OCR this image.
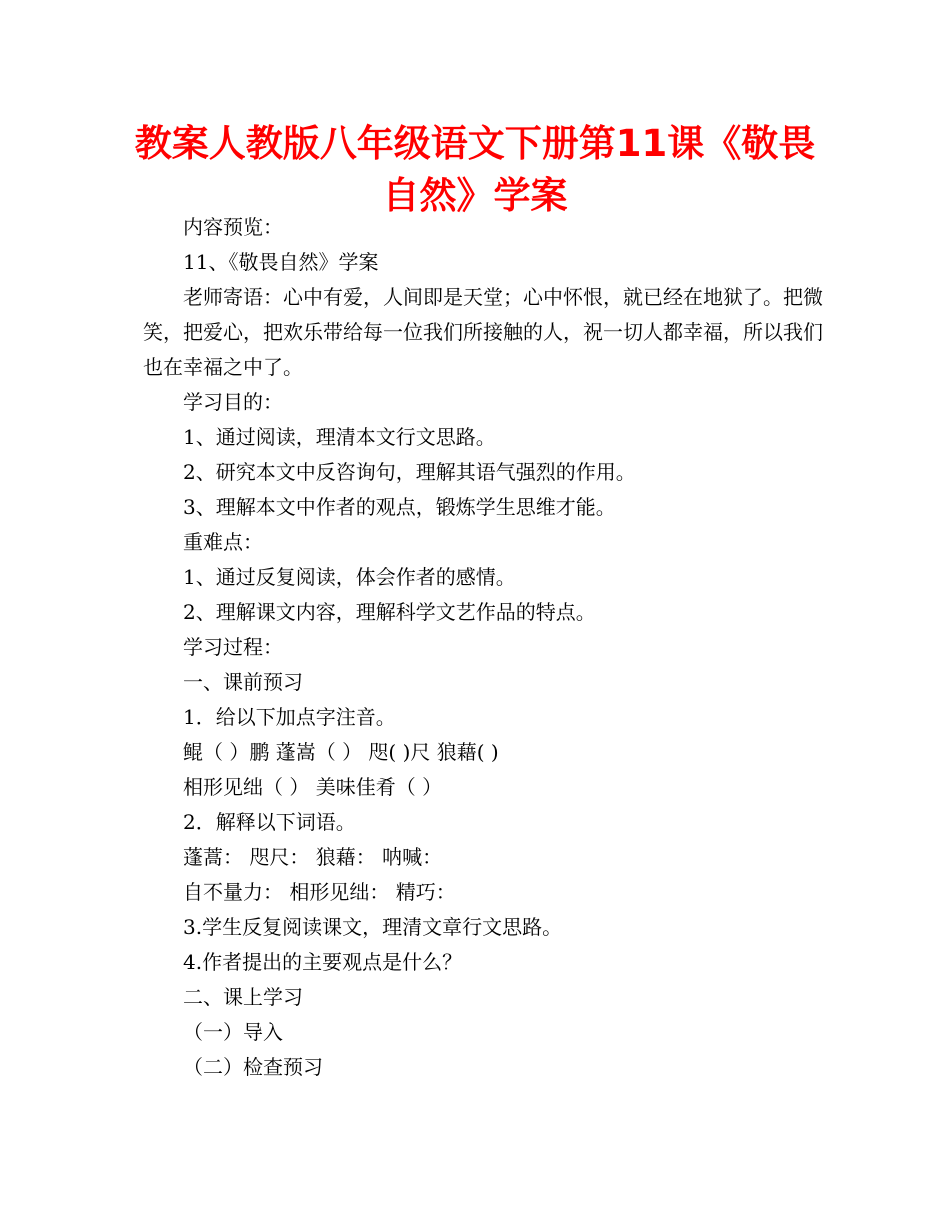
教案人教版八年级语文下册第11课《敬畏自然》学案
内容预览：
11、《敬畏自然》学案
老师寄语：心中有爱，人间即是天堂；心中怀恨，就已经在地狱了。把微笑，把爱心，把欢乐带给每一位我们所接触的人，祝一切人都幸福，所以我们也在幸福之中了。
学习目的：
1、通过阅读，理清本文行文思路。
2、研究本文中反咨询句，理解其语气强烈的作用。
3、理解本文中作者的观点，锻炼学生思维才能。
重难点：
1、通过反复阅读，体会作者的感情。
2、理解课文内容，理解科学文艺作品的特点。
学习过程：
一、课前预习
1．给以下加点字注音。
鲲（ ）鹏 蓬嵩（ ） 咫( )尺 狼藉( )
相形见绌（ ） 美味佳肴（ ）
2．解释以下词语。
蓬蒿： 咫尺： 狼藉： 呐喊：
自不量力： 相形见绌： 精巧：
3.学生反复阅读课文，理清文章行文思路。
4.作者提出的主要观点是什么？
二、课上学习
（一）导入
（二）检查预习
